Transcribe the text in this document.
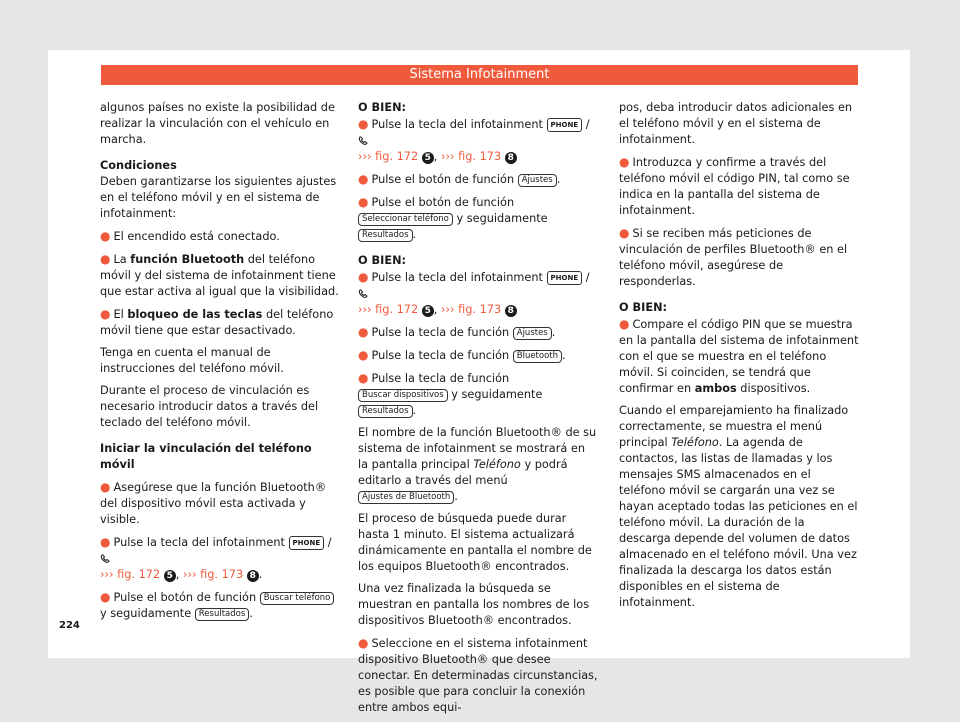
Sistema Infotainment

algunos países no existe la posibilidad de realizar la vinculación con el vehículo en marcha.

Condiciones

Deben garantizarse los siguientes ajustes en el teléfono móvil y en el sistema de infotainment:

● El encendido está conectado.

● La función Bluetooth del teléfono móvil y del sistema de infotainment tiene que estar activa al igual que la visibilidad.

● El bloqueo de las teclas del teléfono móvil tiene que estar desactivado.

Tenga en cuenta el manual de instrucciones del teléfono móvil.

Durante el proceso de vinculación es necesario introducir datos a través del teclado del teléfono móvil.

Iniciar la vinculación del teléfono móvil

● Asegúrese que la función Bluetooth® del dispositivo móvil esta activada y visible.

● Pulse la tecla del infotainment PHONE /
››› fig. 172 5 , ››› fig. 173 8 .

● Pulse el botón de función Buscar teléfono y seguidamente Resultados .

O BIEN:

● Pulse la tecla del infotainment PHONE /
››› fig. 172 5 , ››› fig. 173 8

● Pulse el botón de función Ajustes .

● Pulse el botón de función
Seleccionar teléfono y seguidamente
Resultados .

O BIEN:

● Pulse la tecla del infotainment PHONE /
››› fig. 172 5 , ››› fig. 173 8

● Pulse la tecla de función Ajustes .

● Pulse la tecla de función Bluetooth .

● Pulse la tecla de función Buscar dispositivos y seguidamente Resultados .

El nombre de la función Bluetooth® de su sistema de infotainment se mostrará en la pantalla principal Teléfono y podrá editarlo a través del menú Ajustes de Bluetooth .

El proceso de búsqueda puede durar hasta 1 minuto. El sistema actualizará dinámicamente en pantalla el nombre de los equipos Bluetooth® encontrados.

Una vez finalizada la búsqueda se muestran en pantalla los nombres de los dispositivos Bluetooth® encontrados.

● Seleccione en el sistema infotainment dispositivo Bluetooth® que desee conectar. En determinadas circunstancias, es posible que para concluir la conexión entre ambos equi-

pos, deba introducir datos adicionales en el teléfono móvil y en el sistema de infotainment.

● Introduzca y confirme a través del teléfono móvil el código PIN, tal como se indica en la pantalla del sistema de infotainment.

● Si se reciben más peticiones de vinculación de perfiles Bluetooth® en el teléfono móvil, asegúrese de responderlas.

O BIEN:

● Compare el código PIN que se muestra en la pantalla del sistema de infotainment con el que se muestra en el teléfono móvil. Si coinciden, se tendrá que confirmar en ambos dispositivos.

Cuando el emparejamiento ha finalizado correctamente, se muestra el menú principal Teléfono. La agenda de contactos, las listas de llamadas y los mensajes SMS almacenados en el teléfono móvil se cargarán una vez se hayan aceptado todas las peticiones en el teléfono móvil. La duración de la descarga depende del volumen de datos almacenado en el teléfono móvil. Una vez finalizada la descarga los datos están disponibles en el sistema de infotainment.

224
